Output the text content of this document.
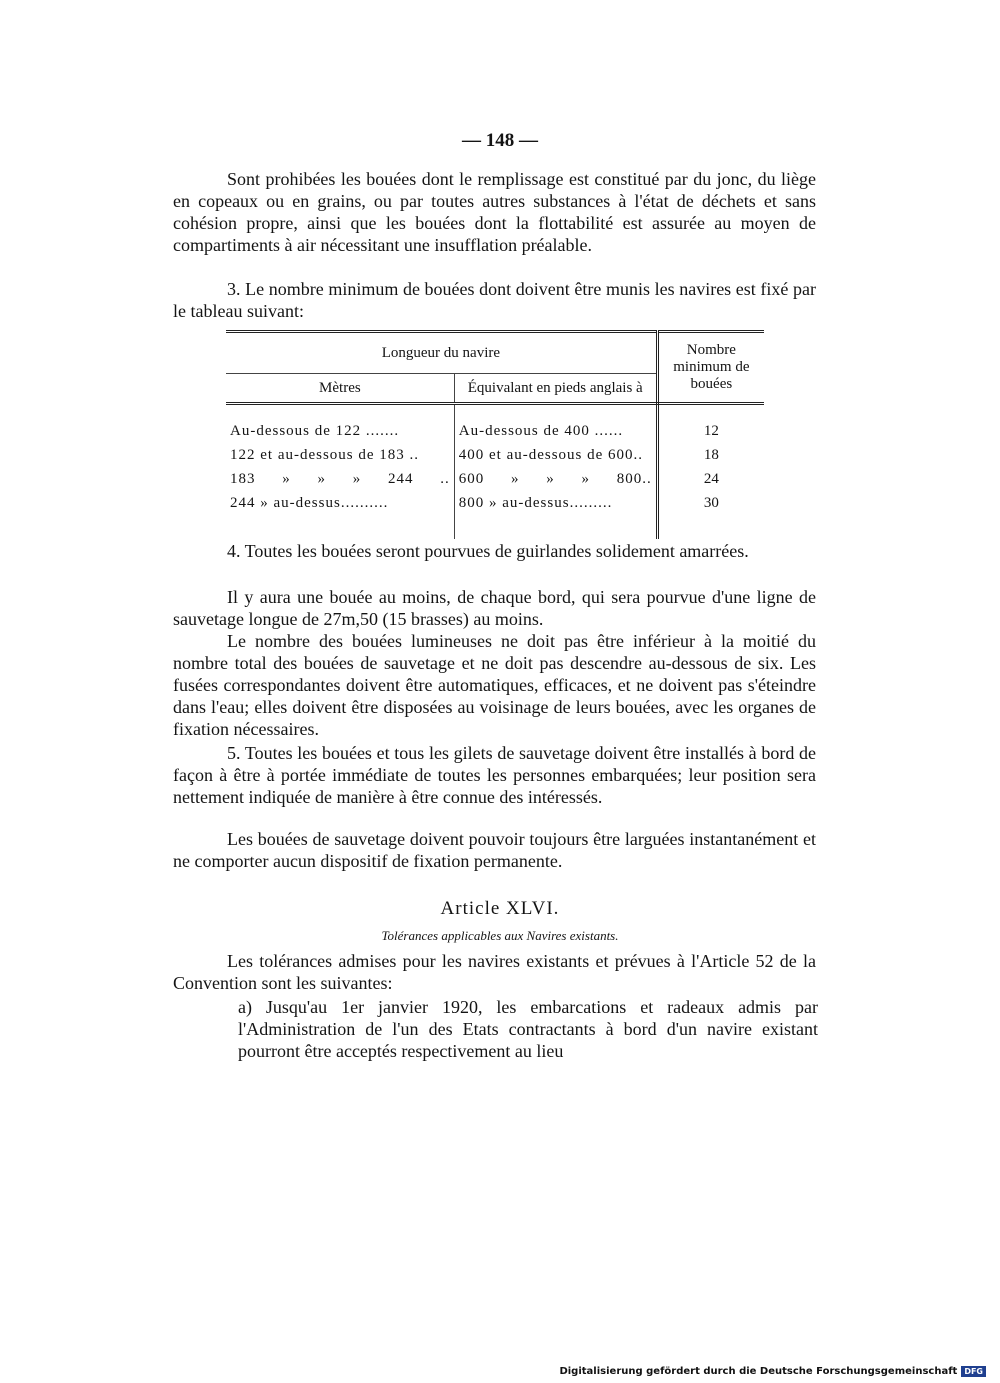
— 148 —

Sont prohibées les bouées dont le remplissage est constitué par du jonc, du liège en copeaux ou en grains, ou par toutes autres substances à l'état de déchets et sans cohésion propre, ainsi que les bouées dont la flottabilité est assurée au moyen de compartiments à air nécessitant une insufflation préalable.

3. Le nombre minimum de bouées dont doivent être munis les navires est fixé par le tableau suivant:

Longueur du navire		Nombre minimum de bouées
Mètres	Équivalant en pieds anglais à	

Au-dessous de 122 .......	Au-dessous de 400 ......	12
122 et au-dessous de 183 ..	400 et au-dessous de 600..	18
183 » » » 244 ..	600 » » » 800..	24
244 » au-dessus..........	800 » au-dessus.........	30

4. Toutes les bouées seront pourvues de guirlandes solidement amarrées.

Il y aura une bouée au moins, de chaque bord, qui sera pourvue d'une ligne de sauvetage longue de 27m,50 (15 brasses) au moins.

Le nombre des bouées lumineuses ne doit pas être inférieur à la moitié du nombre total des bouées de sauvetage et ne doit pas descendre au-dessous de six. Les fusées correspondantes doivent être automatiques, efficaces, et ne doivent pas s'éteindre dans l'eau; elles doivent être disposées au voisinage de leurs bouées, avec les organes de fixation nécessaires.

5. Toutes les bouées et tous les gilets de sauvetage doivent être installés à bord de façon à être à portée immédiate de toutes les personnes embarquées; leur position sera nettement indiquée de manière à être connue des intéressés.

Les bouées de sauvetage doivent pouvoir toujours être larguées instantanément et ne comporter aucun dispositif de fixation permanente.

Article XLVI.
Tolérances applicables aux Navires existants.

Les tolérances admises pour les navires existants et prévues à l'Article 52 de la Convention sont les suivantes:

a) Jusqu'au 1er janvier 1920, les embarcations et radeaux admis par l'Administration de l'un des Etats contractants à bord d'un navire existant pourront être acceptés respectivement au lieu

Digitalisierung gefördert durch die Deutsche Forschungsgemeinschaft DFG
